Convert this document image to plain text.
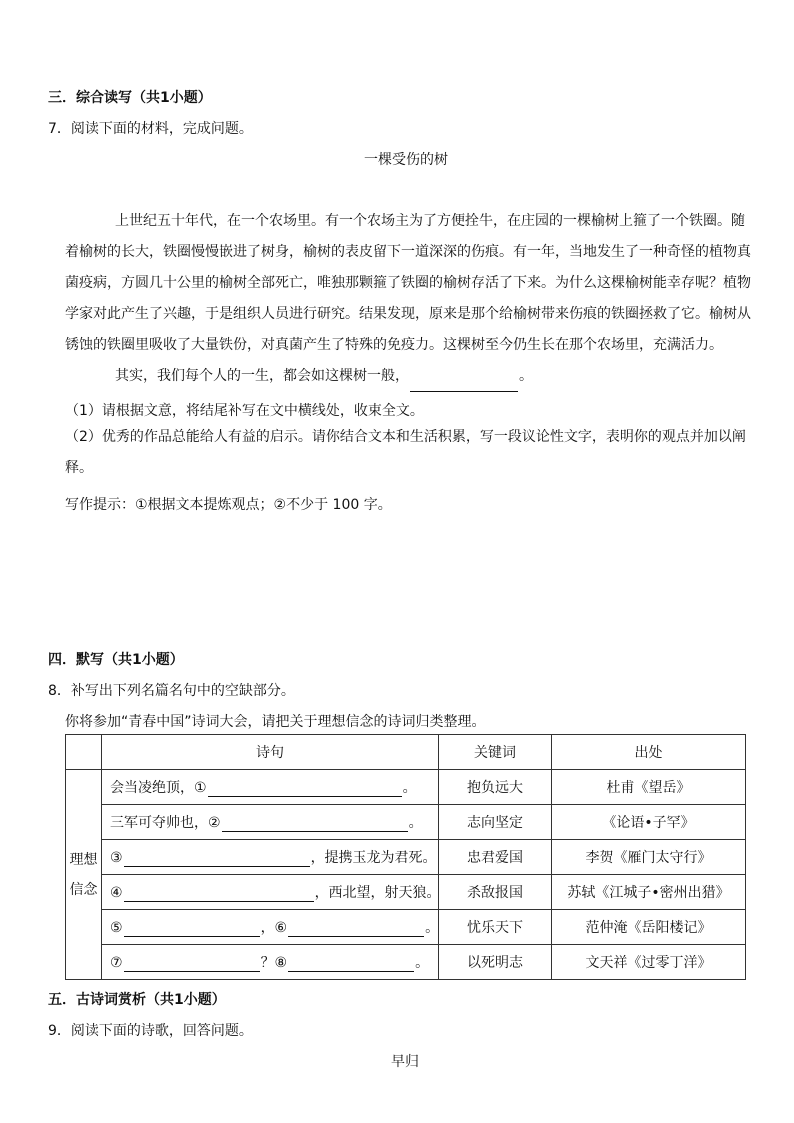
三．综合读写（共1小题）
7．阅读下面的材料，完成问题。
一棵受伤的树
上世纪五十年代，在一个农场里。有一个农场主为了方便拴牛，在庄园的一棵榆树上箍了一个铁圈。随
着榆树的长大，铁圈慢慢嵌进了树身，榆树的表皮留下一道深深的伤痕。有一年，当地发生了一种奇怪的植物真
菌疫病，方圆几十公里的榆树全部死亡，唯独那颗箍了铁圈的榆树存活了下来。为什么这棵榆树能幸存呢？植物
学家对此产生了兴趣，于是组织人员进行研究。结果发现，原来是那个给榆树带来伤痕的铁圈拯救了它。榆树从
锈蚀的铁圈里吸收了大量铁份，对真菌产生了特殊的免疫力。这棵树至今仍生长在那个农场里，充满活力。
其实，我们每个人的一生，都会如这棵树一般，	。
（1）请根据文意，将结尾补写在文中横线处，收束全文。
（2）优秀的作品总能给人有益的启示。请你结合文本和生活积累，写一段议论性文字，表明你的观点并加以阐
释。
写作提示：①根据文本提炼观点；②不少于 100 字。
四．默写（共1小题）
8．补写出下列名篇名句中的空缺部分。
你将参加“青春中国”诗词大会，请把关于理想信念的诗词归类整理。
	诗句	关键词	出处

理想
信念	会当凌绝顶，① 。	抱负远大	杜甫《望岳》
	三军可夺帅也，② 。	志向坚定	《论语•子罕》
	③ ，提携玉龙为君死。	忠君爱国	李贺《雁门太守行》
	④ ，西北望，射天狼。	杀敌报国	苏轼《江城子•密州出猎》
	⑤ ，⑥ 。	忧乐天下	范仲淹《岳阳楼记》
	⑦ ？⑧ 。	以死明志	文天祥《过零丁洋》
五．古诗词赏析（共1小题）
9．阅读下面的诗歌，回答问题。
早归
